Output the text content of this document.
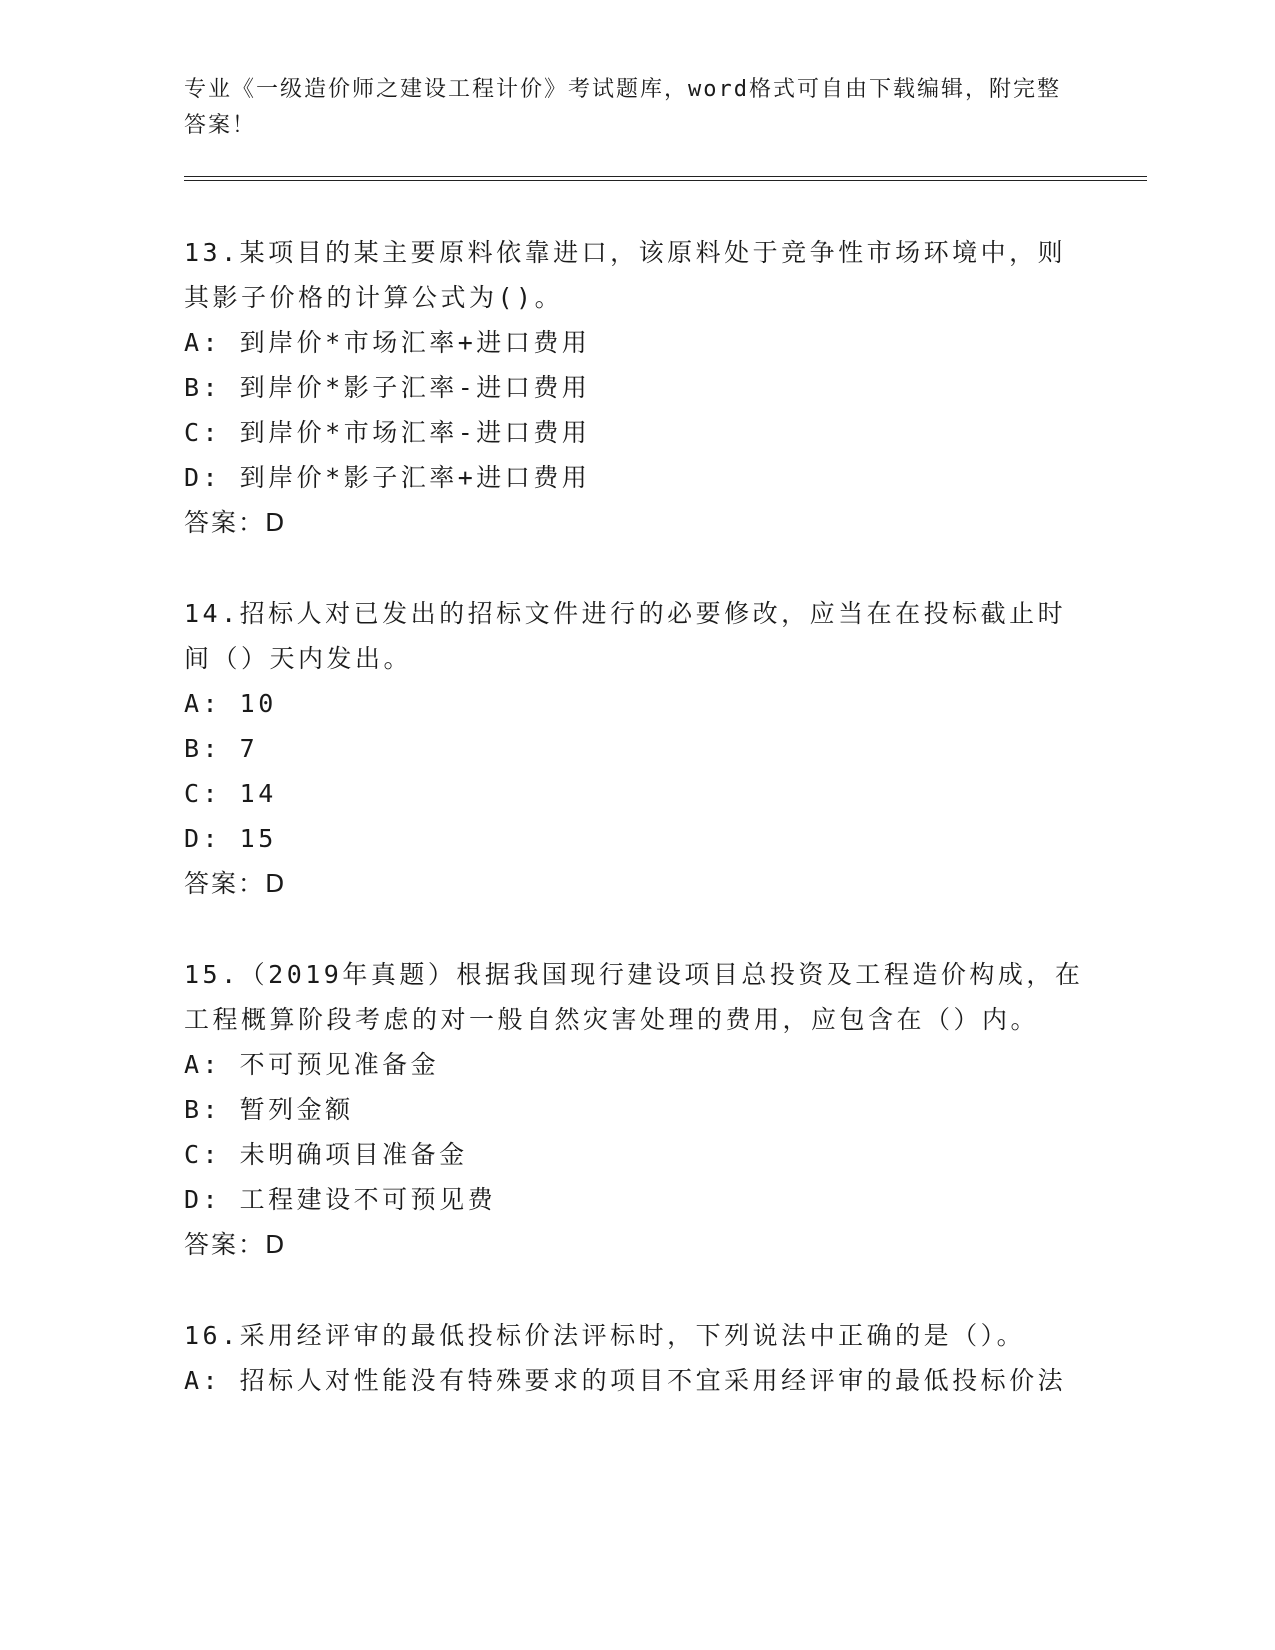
专业《一级造价师之建设工程计价》考试题库，word格式可自由下载编辑，附完整答案！
13.某项目的某主要原料依靠进口，该原料处于竞争性市场环境中，则其影子价格的计算公式为()。
A: 到岸价*市场汇率+进口费用
B: 到岸价*影子汇率-进口费用
C: 到岸价*市场汇率-进口费用
D: 到岸价*影子汇率+进口费用
答案：D
14.招标人对已发出的招标文件进行的必要修改，应当在在投标截止时间（）天内发出。
A: 10
B: 7
C: 14
D: 15
答案：D
15.（2019年真题）根据我国现行建设项目总投资及工程造价构成，在工程概算阶段考虑的对一般自然灾害处理的费用，应包含在（）内。
A: 不可预见准备金
B: 暂列金额
C: 未明确项目准备金
D: 工程建设不可预见费
答案：D
16.采用经评审的最低投标价法评标时，下列说法中正确的是（）。
A: 招标人对性能没有特殊要求的项目不宜采用经评审的最低投标价法
